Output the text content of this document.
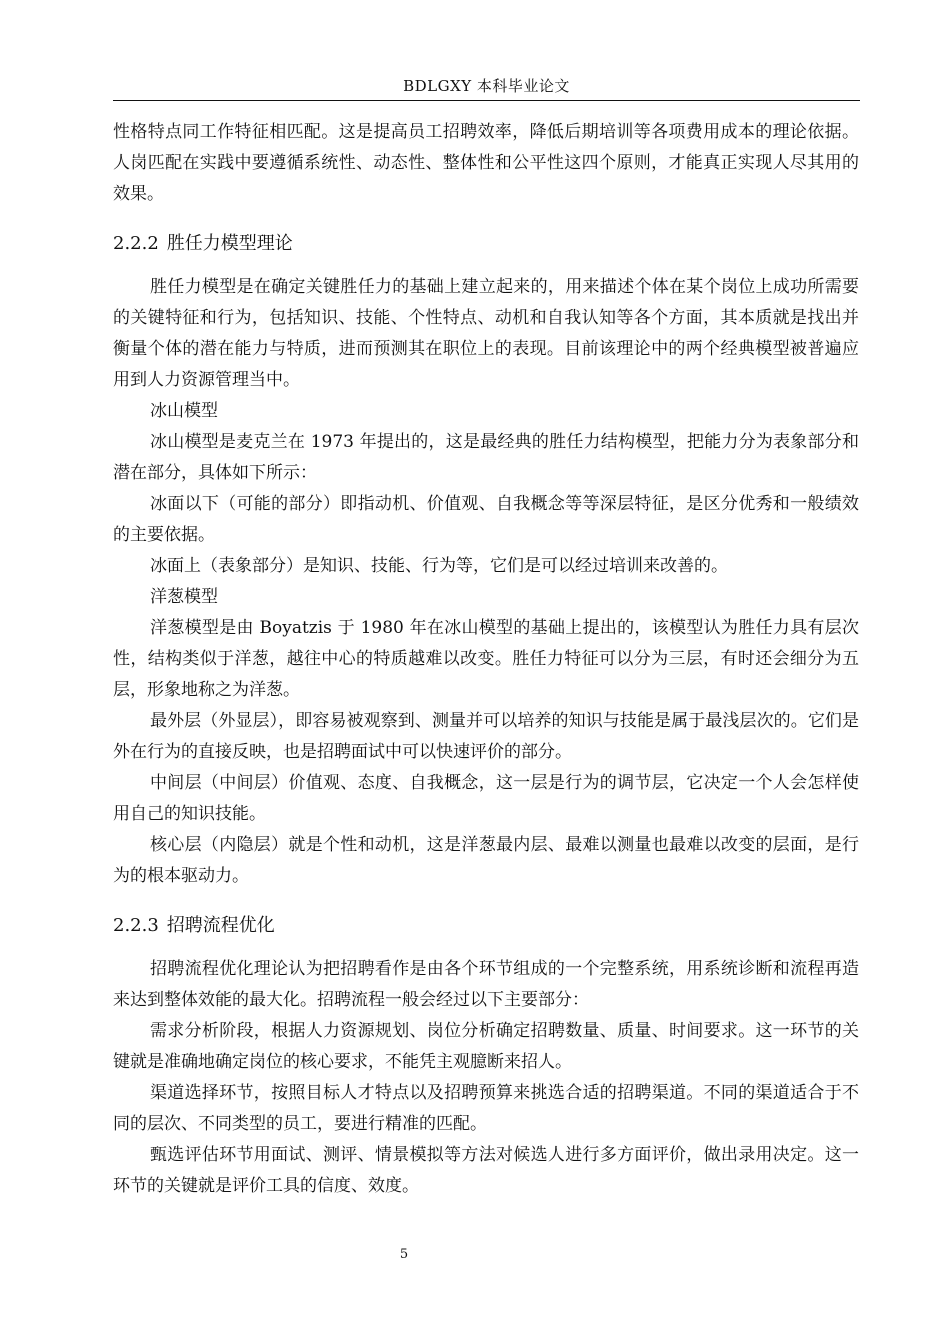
BDLGXY 本科毕业论文

性格特点同工作特征相匹配。这是提高员工招聘效率，降低后期培训等各项费用成本的理论依据。人岗匹配在实践中要遵循系统性、动态性、整体性和公平性这四个原则，才能真正实现人尽其用的效果。

2.2.2 胜任力模型理论

胜任力模型是在确定关键胜任力的基础上建立起来的，用来描述个体在某个岗位上成功所需要的关键特征和行为，包括知识、技能、个性特点、动机和自我认知等各个方面，其本质就是找出并衡量个体的潜在能力与特质，进而预测其在职位上的表现。目前该理论中的两个经典模型被普遍应用到人力资源管理当中。

冰山模型

冰山模型是麦克兰在 1973 年提出的，这是最经典的胜任力结构模型，把能力分为表象部分和潜在部分，具体如下所示：

冰面以下（可能的部分）即指动机、价值观、自我概念等等深层特征，是区分优秀和一般绩效的主要依据。

冰面上（表象部分）是知识、技能、行为等，它们是可以经过培训来改善的。

洋葱模型

洋葱模型是由 Boyatzis 于 1980 年在冰山模型的基础上提出的，该模型认为胜任力具有层次性，结构类似于洋葱，越往中心的特质越难以改变。胜任力特征可以分为三层，有时还会细分为五层，形象地称之为洋葱。

最外层（外显层），即容易被观察到、测量并可以培养的知识与技能是属于最浅层次的。它们是外在行为的直接反映，也是招聘面试中可以快速评价的部分。

中间层（中间层）价值观、态度、自我概念，这一层是行为的调节层，它决定一个人会怎样使用自己的知识技能。

核心层（内隐层）就是个性和动机，这是洋葱最内层、最难以测量也最难以改变的层面，是行为的根本驱动力。

2.2.3 招聘流程优化

招聘流程优化理论认为把招聘看作是由各个环节组成的一个完整系统，用系统诊断和流程再造来达到整体效能的最大化。招聘流程一般会经过以下主要部分：

需求分析阶段，根据人力资源规划、岗位分析确定招聘数量、质量、时间要求。这一环节的关键就是准确地确定岗位的核心要求，不能凭主观臆断来招人。

渠道选择环节，按照目标人才特点以及招聘预算来挑选合适的招聘渠道。不同的渠道适合于不同的层次、不同类型的员工，要进行精准的匹配。

甄选评估环节用面试、测评、情景模拟等方法对候选人进行多方面评价，做出录用决定。这一环节的关键就是评价工具的信度、效度。

5
